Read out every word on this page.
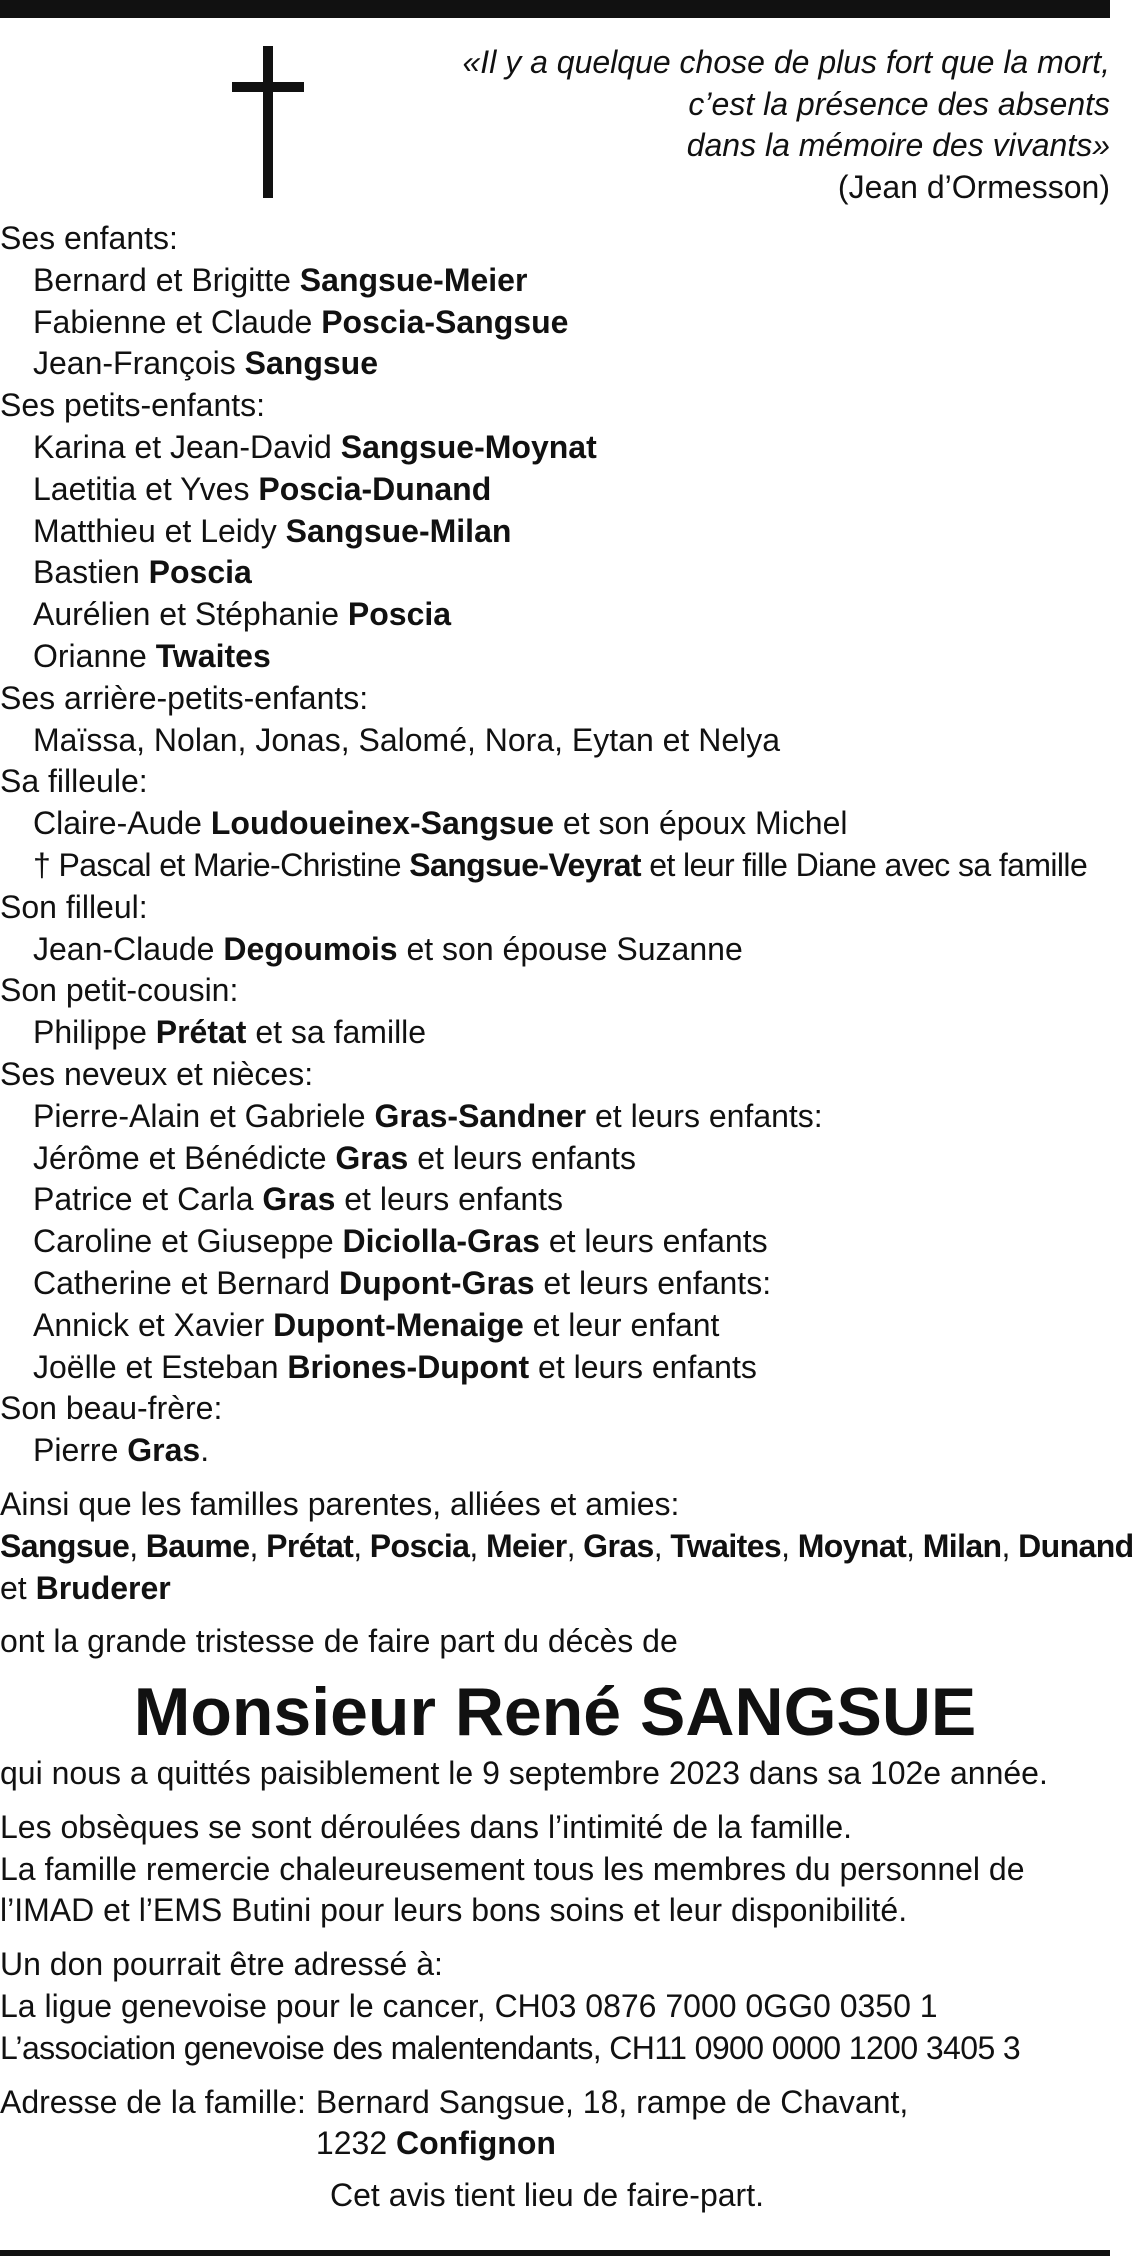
«Il y a quelque chose de plus fort que la mort,
c’est la présence des absents
dans la mémoire des vivants»
(Jean d’Ormesson)
Ses enfants:
Bernard et Brigitte Sangsue-Meier
Fabienne et Claude Poscia-Sangsue
Jean-François Sangsue
Ses petits-enfants:
Karina et Jean-David Sangsue-Moynat
Laetitia et Yves Poscia-Dunand
Matthieu et Leidy Sangsue-Milan
Bastien Poscia
Aurélien et Stéphanie Poscia
Orianne Twaites
Ses arrière-petits-enfants:
Maïssa, Nolan, Jonas, Salomé, Nora, Eytan et Nelya
Sa filleule:
Claire-Aude Loudoueinex-Sangsue et son époux Michel
† Pascal et Marie-Christine Sangsue-Veyrat et leur fille Diane avec sa famille
Son filleul:
Jean-Claude Degoumois et son épouse Suzanne
Son petit-cousin:
Philippe Prétat et sa famille
Ses neveux et nièces:
Pierre-Alain et Gabriele Gras-Sandner et leurs enfants:
Jérôme et Bénédicte Gras et leurs enfants
Patrice et Carla Gras et leurs enfants
Caroline et Giuseppe Diciolla-Gras et leurs enfants
Catherine et Bernard Dupont-Gras et leurs enfants:
Annick et Xavier Dupont-Menaige et leur enfant
Joëlle et Esteban Briones-Dupont et leurs enfants
Son beau-frère:
Pierre Gras.
Ainsi que les familles parentes, alliées et amies:
Sangsue, Baume, Prétat, Poscia, Meier, Gras, Twaites, Moynat, Milan, Dunand
et Bruderer
ont la grande tristesse de faire part du décès de
Monsieur René SANGSUE
qui nous a quittés paisiblement le 9 septembre 2023 dans sa 102e année.
Les obsèques se sont déroulées dans l’intimité de la famille.
La famille remercie chaleureusement tous les membres du personnel de
l’IMAD et l’EMS Butini pour leurs bons soins et leur disponibilité.
Un don pourrait être adressé à:
La ligue genevoise pour le cancer, CH03 0876 7000 0GG0 0350 1
L’association genevoise des malentendants, CH11 0900 0000 1200 3405 3
Adresse de la famille: Bernard Sangsue, 18, rampe de Chavant,
1232 Confignon
Cet avis tient lieu de faire-part.
